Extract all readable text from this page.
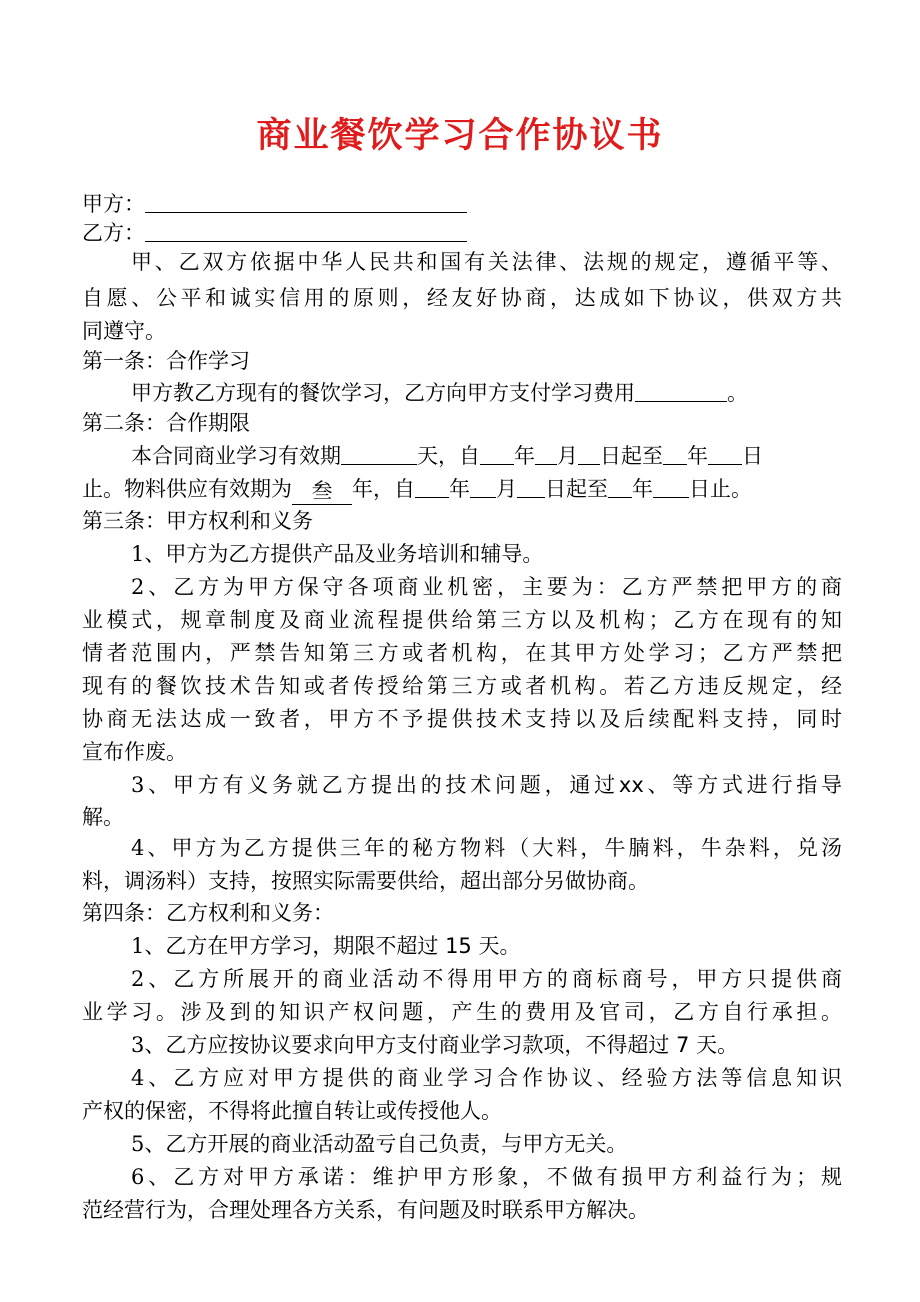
商业餐饮学习合作协议书
甲方：
乙方：
甲、乙双方依据中华人民共和国有关法律、法规的规定，遵循平等、
自愿、公平和诚实信用的原则，经友好协商，达成如下协议，供双方共
同遵守。
第一条：合作学习
甲方教乙方现有的餐饮学习，乙方向甲方支付学习费用	。
第二条：合作期限
本合同商业学习有效期	天，自 年 月 日起至 年 日
止。物料供应有效期为 叁 年，自 年 月 日起至 年 日止。
第三条：甲方权利和义务
1、甲方为乙方提供产品及业务培训和辅导。
2、乙方为甲方保守各项商业机密，主要为：乙方严禁把甲方的商
业模式，规章制度及商业流程提供给第三方以及机构；乙方在现有的知
情者范围内，严禁告知第三方或者机构，在其甲方处学习；乙方严禁把
现有的餐饮技术告知或者传授给第三方或者机构。若乙方违反规定，经
协商无法达成一致者，甲方不予提供技术支持以及后续配料支持，同时
宣布作废。
3、甲方有义务就乙方提出的技术问题，通过xx、等方式进行指导
解。
4、甲方为乙方提供三年的秘方物料（大料，牛腩料，牛杂料，兑汤
料，调汤料）支持，按照实际需要供给，超出部分另做协商。
第四条：乙方权利和义务：
1、乙方在甲方学习，期限不超过 15 天。
2、乙方所展开的商业活动不得用甲方的商标商号，甲方只提供商
业学习。涉及到的知识产权问题，产生的费用及官司，乙方自行承担。
3、乙方应按协议要求向甲方支付商业学习款项，不得超过 7 天。
4、乙方应对甲方提供的商业学习合作协议、经验方法等信息知识
产权的保密，不得将此擅自转让或传授他人。
5、乙方开展的商业活动盈亏自己负责，与甲方无关。
6、乙方对甲方承诺：维护甲方形象，不做有损甲方利益行为；规
范经营行为，合理处理各方关系，有问题及时联系甲方解决。
